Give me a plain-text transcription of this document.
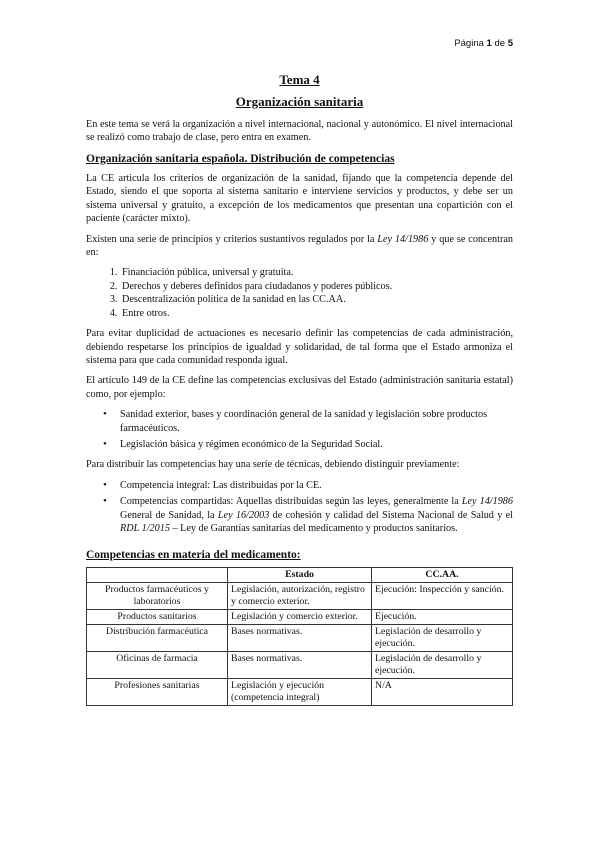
Página 1 de 5
Tema 4
Organización sanitaria

En este tema se verá la organización a nivel internacional, nacional y autonómico. El nivel internacional se realizó como trabajo de clase, pero entra en examen.

Organización sanitaria española. Distribución de competencias

La CE articula los criterios de organización de la sanidad, fijando que la competencia depende del Estado, siendo el que soporta al sistema sanitario e interviene servicios y productos, y debe ser un sistema universal y gratuito, a excepción de los medicamentos que presentan una copartición con el paciente (carácter mixto).

Existen una serie de principios y criterios sustantivos regulados por la Ley 14/1986 y que se concentran en:

1. Financiación pública, universal y gratuita.
2. Derechos y deberes definidos para ciudadanos y poderes públicos.
3. Descentralización política de la sanidad en las CC.AA.
4. Entre otros.

Para evitar duplicidad de actuaciones es necesario definir las competencias de cada administración, debiendo respetarse los principios de igualdad y solidaridad, de tal forma que el Estado armoniza el sistema para que cada comunidad responda igual.

El artículo 149 de la CE define las competencias exclusivas del Estado (administración sanitaria estatal) como, por ejemplo:

• Sanidad exterior, bases y coordinación general de la sanidad y legislación sobre productos farmacéuticos.
• Legislación básica y régimen económico de la Seguridad Social.

Para distribuir las competencias hay una serie de técnicas, debiendo distinguir previamente:

• Competencia integral: Las distribuidas por la CE.
• Competencias compartidas: Aquellas distribuidas según las leyes, generalmente la Ley 14/1986 General de Sanidad, la Ley 16/2003 de cohesión y calidad del Sistema Nacional de Salud y el RDL 1/2015 – Ley de Garantías sanitarias del medicamento y productos sanitarios.
Competencias en materia del medicamento:
	Estado	CC.AA.
Productos farmacéuticos y laboratorios	Legislación, autorización, registro y comercio exterior.	Ejecución: Inspección y sanción.
Productos sanitarios	Legislación y comercio exterior.	Ejecución.
Distribución farmacéutica	Bases normativas.	Legislación de desarrollo y ejecución.
Oficinas de farmacia	Bases normativas.	Legislación de desarrollo y ejecución.
Profesiones sanitarias	Legislación y ejecución (competencia integral)	N/A
